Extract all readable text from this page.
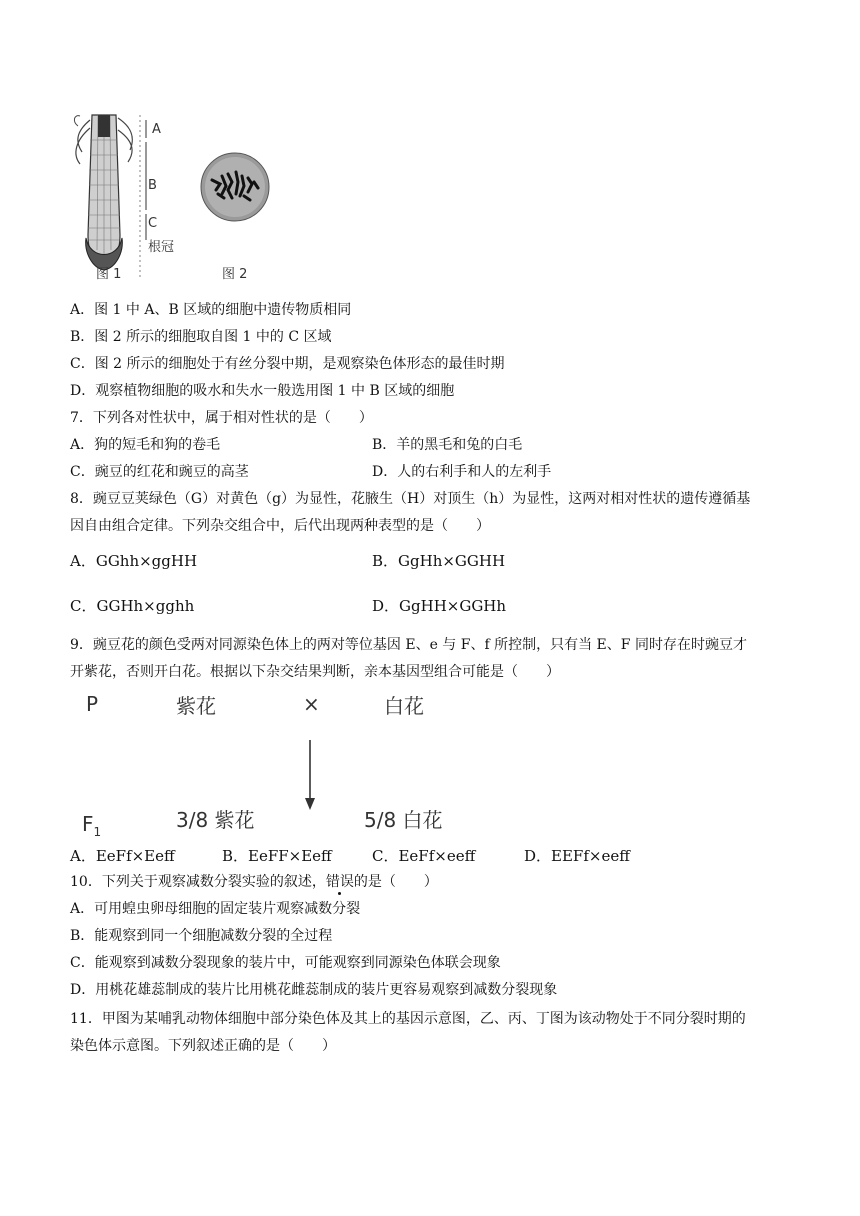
A
B
C
根冠
图 1	图 2
A．图 1 中 A、B 区域的细胞中遗传物质相同
B．图 2 所示的细胞取自图 1 中的 C 区域
C．图 2 所示的细胞处于有丝分裂中期，是观察染色体形态的最佳时期
D．观察植物细胞的吸水和失水一般选用图 1 中 B 区域的细胞
7．下列各对性状中，属于相对性状的是（　　）
A．狗的短毛和狗的卷毛	B．羊的黑毛和兔的白毛
C．豌豆的红花和豌豆的高茎	D．人的右利手和人的左利手
8．豌豆豆荚绿色（G）对黄色（g）为显性，花腋生（H）对顶生（h）为显性，这两对相对性状的遗传遵循基
因自由组合定律。下列杂交组合中，后代出现两种表型的是（　　）
A．GGhh×ggHH	B．GgHh×GGHH
C．GGHh×gghh	D．GgHH×GGHh
9．豌豆花的颜色受两对同源染色体上的两对等位基因 E、e 与 F、f 所控制，只有当 E、F 同时存在时豌豆才
开紫花，否则开白花。根据以下杂交结果判断，亲本基因型组合可能是（　　）
P	紫花	×	白花
$F_1$	3/8 紫花	5/8 白花
A．EeFf×Eeff	B．EeFF×Eeff	C．EeFf×eeff	D．EEFf×eeff
10．下列关于观察减数分裂实验的叙述，错误的是（　　）
A．可用蝗虫卵母细胞的固定装片观察减数分裂
B．能观察到同一个细胞减数分裂的全过程
C．能观察到减数分裂现象的装片中，可能观察到同源染色体联会现象
D．用桃花雄蕊制成的装片比用桃花雌蕊制成的装片更容易观察到减数分裂现象
11．甲图为某哺乳动物体细胞中部分染色体及其上的基因示意图，乙、丙、丁图为该动物处于不同分裂时期的
染色体示意图。下列叙述正确的是（　　）
